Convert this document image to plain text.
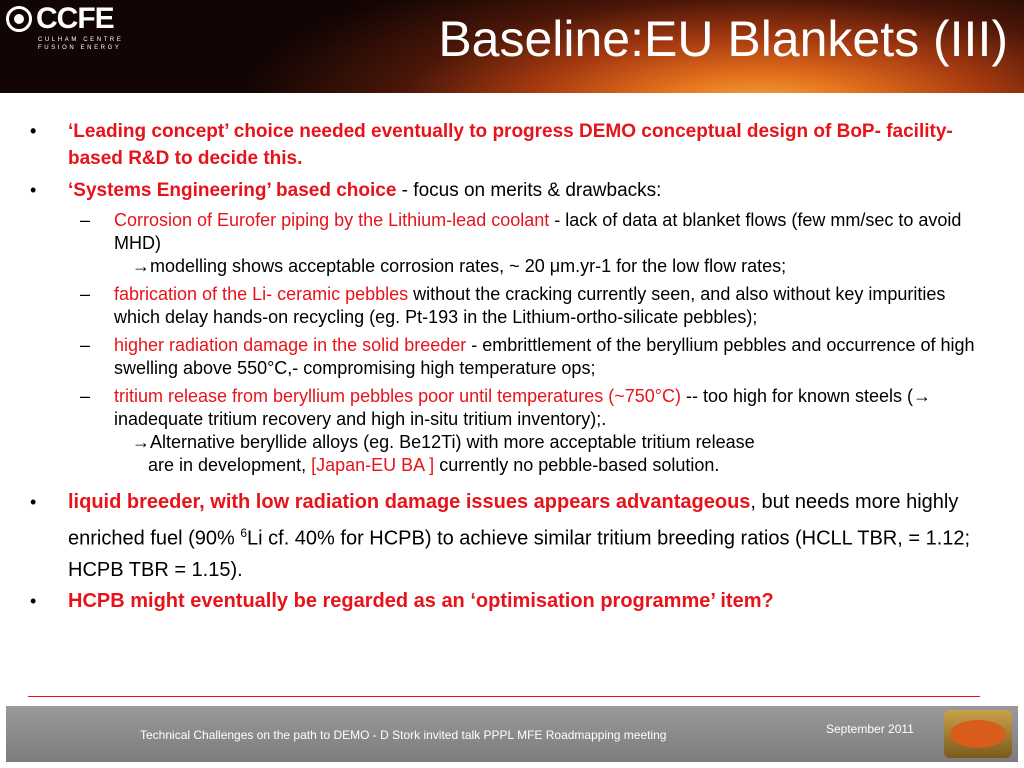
CCFE
CULHAM CENTRE
FUSION ENERGY	Baseline:EU Blankets (III)
• ‘Leading concept’ choice needed eventually to progress DEMO conceptual design of BoP- facility-based R&D to decide this.
• ‘Systems Engineering’ based choice - focus on merits & drawbacks:
– Corrosion of Eurofer piping by the Lithium-lead coolant - lack of data at blanket flows (few mm/sec to avoid MHD)
→modelling shows acceptable corrosion rates, ~ 20 μm.yr-1 for the low flow rates;
– fabrication of the Li- ceramic pebbles without the cracking currently seen, and also without key impurities which delay hands-on recycling (eg. Pt-193 in the Lithium-ortho-silicate pebbles);
– higher radiation damage in the solid breeder - embrittlement of the beryllium pebbles and occurrence of high swelling above 550°C,- compromising high temperature ops;
– tritium release from beryllium pebbles poor until temperatures (~750°C) -- too high for known steels (→ inadequate tritium recovery and high in-situ tritium inventory);.
→Alternative beryllide alloys (eg. Be12Ti) with more acceptable tritium release
are in development, [Japan-EU BA ] currently no pebble-based solution.
• liquid breeder, with low radiation damage issues appears advantageous, but needs more highly enriched fuel (90% $^6$Li cf. 40% for HCPB) to achieve similar tritium breeding ratios (HCLL TBR, = 1.12; HCPB TBR = 1.15).
• HCPB might eventually be regarded as an ‘optimisation programme’ item?
Technical Challenges on the path to DEMO - D Stork invited talk PPPL MFE Roadmapping meeting	September 2011
